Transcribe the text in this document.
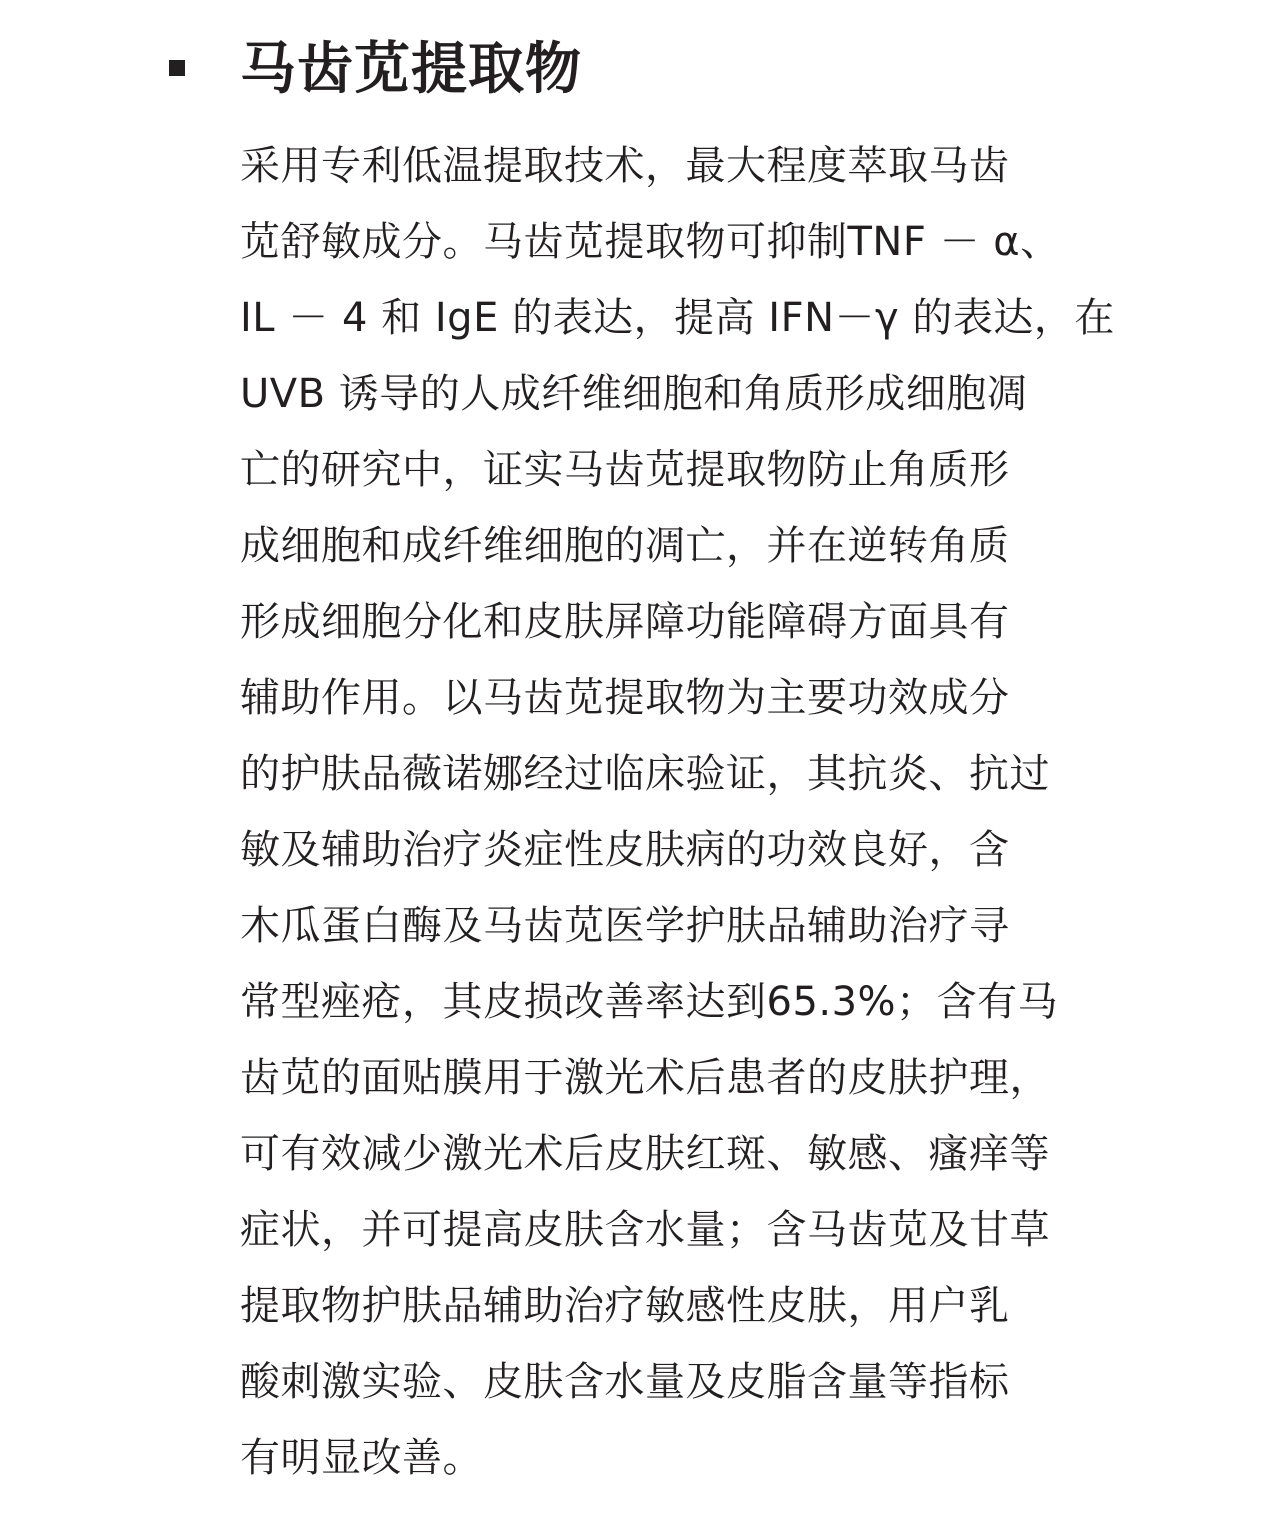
马齿苋提取物
采用专利低温提取技术，最大程度萃取马齿
苋舒敏成分。马齿苋提取物可抑制TNF － α、
IL － 4 和 IgE 的表达，提高 IFN－γ 的表达，在
UVB 诱导的人成纤维细胞和角质形成细胞凋
亡的研究中，证实马齿苋提取物防止角质形
成细胞和成纤维细胞的凋亡，并在逆转角质
形成细胞分化和皮肤屏障功能障碍方面具有
辅助作用。以马齿苋提取物为主要功效成分
的护肤品薇诺娜经过临床验证，其抗炎、抗过
敏及辅助治疗炎症性皮肤病的功效良好，含
木瓜蛋白酶及马齿苋医学护肤品辅助治疗寻
常型痤疮，其皮损改善率达到65.3%；含有马
齿苋的面贴膜用于激光术后患者的皮肤护理，
可有效减少激光术后皮肤红斑、敏感、瘙痒等
症状，并可提高皮肤含水量；含马齿苋及甘草
提取物护肤品辅助治疗敏感性皮肤，用户乳
酸刺激实验、皮肤含水量及皮脂含量等指标
有明显改善。
